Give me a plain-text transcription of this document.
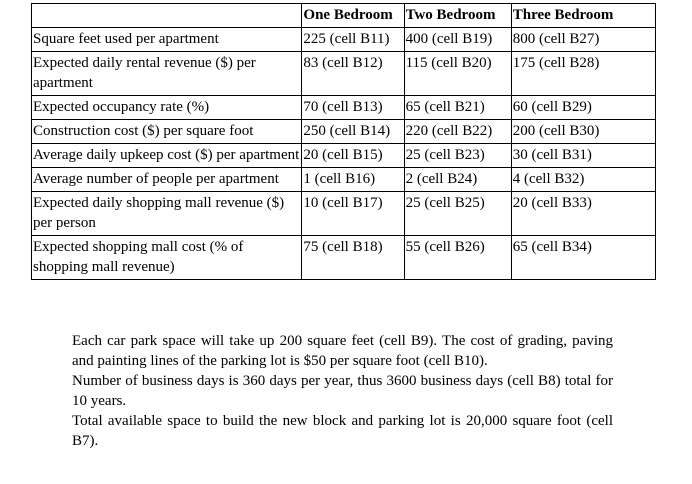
	One Bedroom	Two Bedroom	Three Bedroom
Square feet used per apartment	225 (cell B11)	400 (cell B19)	800 (cell B27)
Expected daily rental revenue ($) per apartment	83 (cell B12)	115 (cell B20)	175 (cell B28)
Expected occupancy rate (%)	70 (cell B13)	65 (cell B21)	60 (cell B29)
Construction cost ($) per square foot	250 (cell B14)	220 (cell B22)	200 (cell B30)
Average daily upkeep cost ($) per apartment	20 (cell B15)	25 (cell B23)	30 (cell B31)
Average number of people per apartment	1 (cell B16)	2 (cell B24)	4 (cell B32)
Expected daily shopping mall revenue ($) per person	10 (cell B17)	25 (cell B25)	20 (cell B33)
Expected shopping mall cost (% of shopping mall revenue)	75 (cell B18)	55 (cell B26)	65 (cell B34)

Each car park space will take up 200 square feet (cell B9). The cost of grading, paving and painting lines of the parking lot is $50 per square foot (cell B10).

Number of business days is 360 days per year, thus 3600 business days (cell B8) total for 10 years.

Total available space to build the new block and parking lot is 20,000 square foot (cell B7).
